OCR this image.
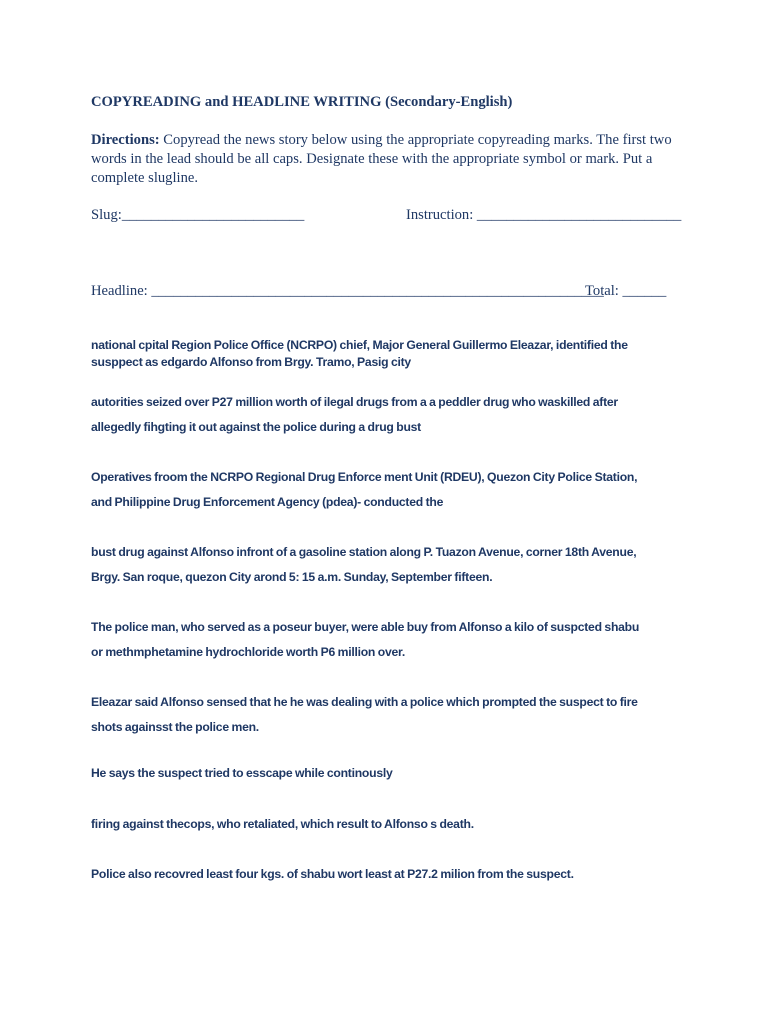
COPYREADING and HEADLINE WRITING (Secondary-English)
Directions: Copyread the news story below using the appropriate copyreading marks. The first two words in the lead should be all caps. Designate these with the appropriate symbol or mark. Put a complete slugline.
Slug:_________________________	Instruction: ____________________________
Headline: ______________________________________________________________
Total: ______
national cpital Region Police Office (NCRPO) chief, Major General Guillermo Eleazar, identified the
susppect as edgardo Alfonso from Brgy. Tramo, Pasig city
autorities seized over P27 million worth of ilegal drugs from a a peddler drug who waskilled after
allegedly fihgting it out against the police during a drug bust
Operatives froom the NCRPO Regional Drug Enforce ment Unit (RDEU), Quezon City Police Station,
and Philippine Drug Enforcement Agency (pdea)- conducted the
bust drug against Alfonso infront of a gasoline station along P. Tuazon Avenue, corner 18th Avenue,
Brgy. San roque, quezon City arond 5: 15 a.m. Sunday, September fifteen.
The police man, who served as a poseur buyer, were able buy from Alfonso a kilo of suspcted shabu
or methmphetamine hydrochloride worth P6 million over.
Eleazar said Alfonso sensed that he he was dealing with a police which prompted the suspect to fire
shots againsst the police men.
He says the suspect tried to esscape while continously
firing against thecops, who retaliated, which result to Alfonso s death.
Police also recovred least four kgs. of shabu wort least at P27.2 milion from the suspect.
